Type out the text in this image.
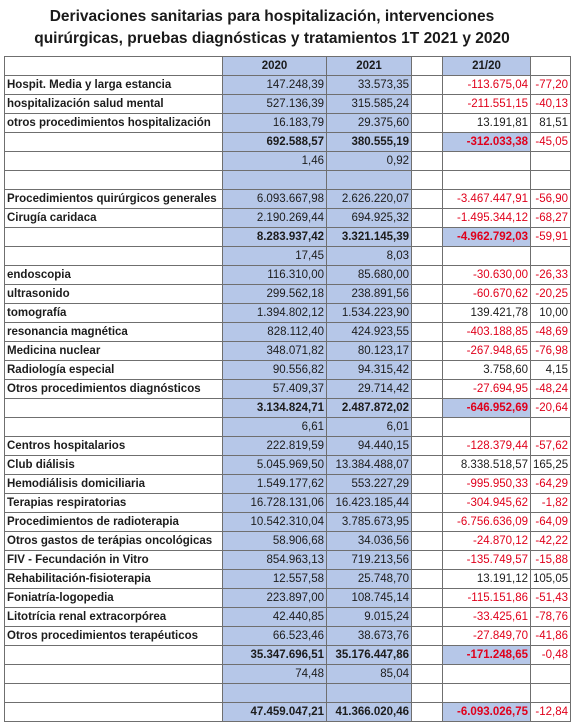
Derivaciones sanitarias para hospitalización, intervenciones
quirúrgicas, pruebas diagnósticas y tratamientos 1T 2021 y 2020
	2020	2021		21/20	
Hospit. Media y larga estancia	147.248,39	33.573,35		-113.675,04	-77,20
hospitalización salud mental	527.136,39	315.585,24		-211.551,15	-40,13
otros procedimientos hospitalización	16.183,79	29.375,60		13.191,81	81,51
	692.588,57	380.555,19		-312.033,38	-45,05
	1,46	0,92			

Procedimientos quirúrgicos generales	6.093.667,98	2.626.220,07		-3.467.447,91	-56,90
Cirugía caridaca	2.190.269,44	694.925,32		-1.495.344,12	-68,27
	8.283.937,42	3.321.145,39		-4.962.792,03	-59,91
	17,45	8,03			
endoscopia	116.310,00	85.680,00		-30.630,00	-26,33
ultrasonido	299.562,18	238.891,56		-60.670,62	-20,25
tomografía	1.394.802,12	1.534.223,90		139.421,78	10,00
resonancia magnética	828.112,40	424.923,55		-403.188,85	-48,69
Medicina nuclear	348.071,82	80.123,17		-267.948,65	-76,98
Radiología especial	90.556,82	94.315,42		3.758,60	4,15
Otros procedimientos diagnósticos	57.409,37	29.714,42		-27.694,95	-48,24
	3.134.824,71	2.487.872,02		-646.952,69	-20,64
	6,61	6,01			
Centros hospitalarios	222.819,59	94.440,15		-128.379,44	-57,62
Club diálisis	5.045.969,50	13.384.488,07		8.338.518,57	165,25
Hemodiálisis domiciliaria	1.549.177,62	553.227,29		-995.950,33	-64,29
Terapias respiratorias	16.728.131,06	16.423.185,44		-304.945,62	-1,82
Procedimientos de radioterapia	10.542.310,04	3.785.673,95		-6.756.636,09	-64,09
Otros gastos de terápias oncológicas	58.906,68	34.036,56		-24.870,12	-42,22
FIV - Fecundación in Vitro	854.963,13	719.213,56		-135.749,57	-15,88
Rehabilitación-fisioterapia	12.557,58	25.748,70		13.191,12	105,05
Foniatría-logopedia	223.897,00	108.745,14		-115.151,86	-51,43
Litotrícia renal extracorpórea	42.440,85	9.015,24		-33.425,61	-78,76
Otros procedimientos terapéuticos	66.523,46	38.673,76		-27.849,70	-41,86
	35.347.696,51	35.176.447,86		-171.248,65	-0,48
	74,48	85,04			

	47.459.047,21	41.366.020,46		-6.093.026,75	-12,84
